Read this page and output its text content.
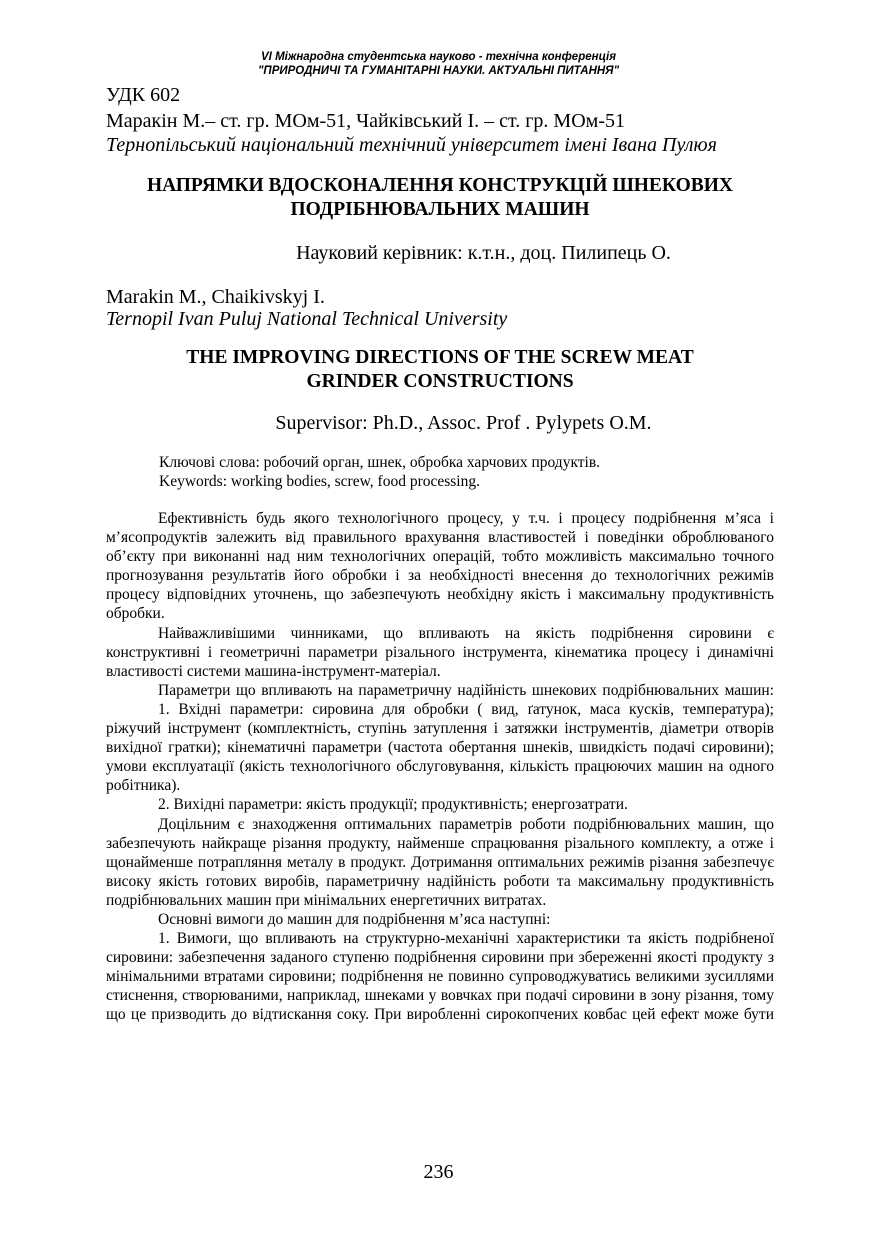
VI Міжнародна студентська науково - технічна конференція
"ПРИРОДНИЧІ ТА ГУМАНІТАРНІ НАУКИ. АКТУАЛЬНІ ПИТАННЯ"
УДК 602
Маракін М.– ст. гр. МОм-51, Чайківський І. – ст. гр. МОм-51
Тернопільський національний технічний університет імені Івана Пулюя
НАПРЯМКИ ВДОСКОНАЛЕННЯ КОНСТРУКЦІЙ ШНЕКОВИХ
ПОДРІБНЮВАЛЬНИХ МАШИН
Науковий керівник: к.т.н., доц. Пилипець О.
Marakin M., Chaikivskyj I.
Ternopil Ivan Puluj National Technical University
THE IMPROVING DIRECTIONS OF THE SCREW MEAT
GRINDER CONSTRUCTIONS
Supervisor: Ph.D., Assoc. Prof . Pylypets O.M.
Ключові слова: робочий орган, шнек, обробка харчових продуктів.
Keywords: working bodies, screw, food processing.

Ефективність будь якого технологічного процесу, у т.ч. і процесу подрібнення м’яса і м’ясопродуктів залежить від правильного врахування властивостей і поведінки оброблюваного об’єкту при виконанні над ним технологічних операцій, тобто можливість максимально точного прогнозування результатів його обробки і за необхідності внесення до технологічних режимів процесу відповідних уточнень, що забезпечують необхідну якість і максимальну продуктивність обробки.

Найважливішими чинниками, що впливають на якість подрібнення сировини є конструктивні і геометричні параметри різального інструмента, кінематика процесу і динамічні властивості системи машина-інструмент-матеріал.

Параметри що впливають на параметричну надійність шнекових подрібнювальних машин:

1. Вхідні параметри: сировина для обробки ( вид, ґатунок, маса кусків, температура); ріжучий інструмент (комплектність, ступінь затуплення і затяжки інструментів, діаметри отворів вихідної гратки); кінематичні параметри (частота обертання шнеків, швидкість подачі сировини); умови експлуатації (якість технологічного обслуговування, кількість працюючих машин на одного робітника).

2. Вихідні параметри: якість продукції; продуктивність; енергозатрати.

Доцільним є знаходження оптимальних параметрів роботи подрібнювальних машин, що забезпечують найкраще різання продукту, найменше спрацювання різального комплекту, а отже і щонайменше потрапляння металу в продукт. Дотримання оптимальних режимів різання забезпечує високу якість готових виробів, параметричну надійність роботи та максимальну продуктивність подрібнювальних машин при мінімальних енергетичних витратах.

Основні вимоги до машин для подрібнення м’яса наступні:

1. Вимоги, що впливають на структурно-механічні характеристики та якість подрібненої сировини: забезпечення заданого ступеню подрібнення сировини при збереженні якості продукту з мінімальними втратами сировини; подрібнення не повинно супроводжуватись великими зусиллями стиснення, створюваними, наприклад, шнеками у вовчках при подачі сировини в зону різання, тому що це призводить до відтискання соку. При виробленні сирокопчених ковбас цей ефект може бути

236
